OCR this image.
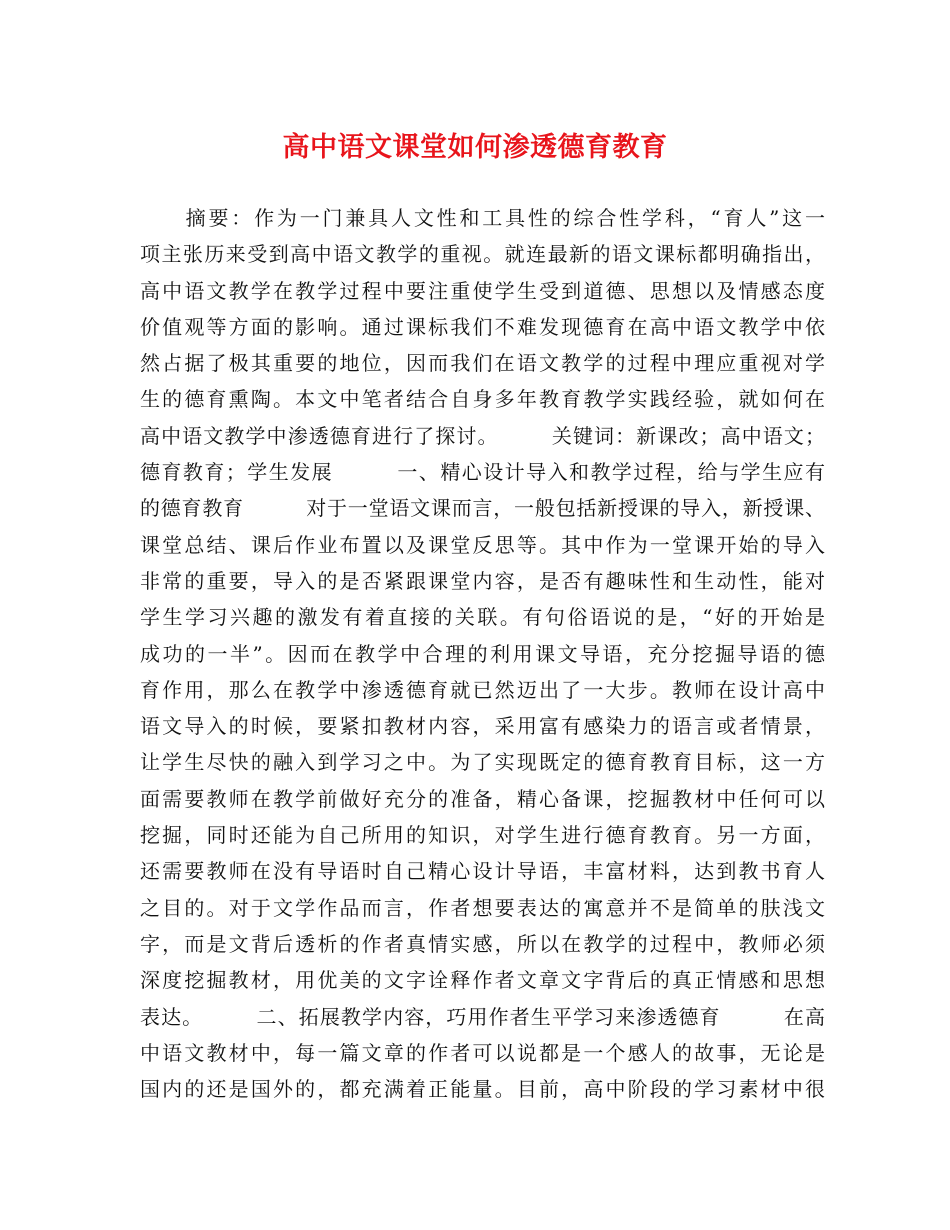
高中语文课堂如何渗透德育教育
　　摘要：作为一门兼具人文性和工具性的综合性学科，“育人”这一
项主张历来受到高中语文教学的重视。就连最新的语文课标都明确指出，
高中语文教学在教学过程中要注重使学生受到道德、思想以及情感态度
价值观等方面的影响。通过课标我们不难发现德育在高中语文教学中依
然占据了极其重要的地位，因而我们在语文教学的过程中理应重视对学
生的德育熏陶。本文中笔者结合自身多年教育教学实践经验，就如何在
高中语文教学中渗透德育进行了探讨。　　　关键词：新课改；高中语文；
德育教育；学生发展　　　一、精心设计导入和教学过程，给与学生应有
的德育教育　　　对于一堂语文课而言，一般包括新授课的导入，新授课、
课堂总结、课后作业布置以及课堂反思等。其中作为一堂课开始的导入
非常的重要，导入的是否紧跟课堂内容，是否有趣味性和生动性，能对
学生学习兴趣的激发有着直接的关联。有句俗语说的是，“好的开始是
成功的一半”。因而在教学中合理的利用课文导语，充分挖掘导语的德
育作用，那么在教学中渗透德育就已然迈出了一大步。教师在设计高中
语文导入的时候，要紧扣教材内容，采用富有感染力的语言或者情景，
让学生尽快的融入到学习之中。为了实现既定的德育教育目标，这一方
面需要教师在教学前做好充分的准备，精心备课，挖掘教材中任何可以
挖掘，同时还能为自己所用的知识，对学生进行德育教育。另一方面，
还需要教师在没有导语时自己精心设计导语，丰富材料，达到教书育人
之目的。对于文学作品而言，作者想要表达的寓意并不是简单的肤浅文
字，而是文背后透析的作者真情实感，所以在教学的过程中，教师必须
深度挖掘教材，用优美的文字诠释作者文章文字背后的真正情感和思想
表达。　　　二、拓展教学内容，巧用作者生平学习来渗透德育　　　在高
中语文教材中，每一篇文章的作者可以说都是一个感人的故事，无论是
国内的还是国外的，都充满着正能量。目前，高中阶段的学习素材中很
